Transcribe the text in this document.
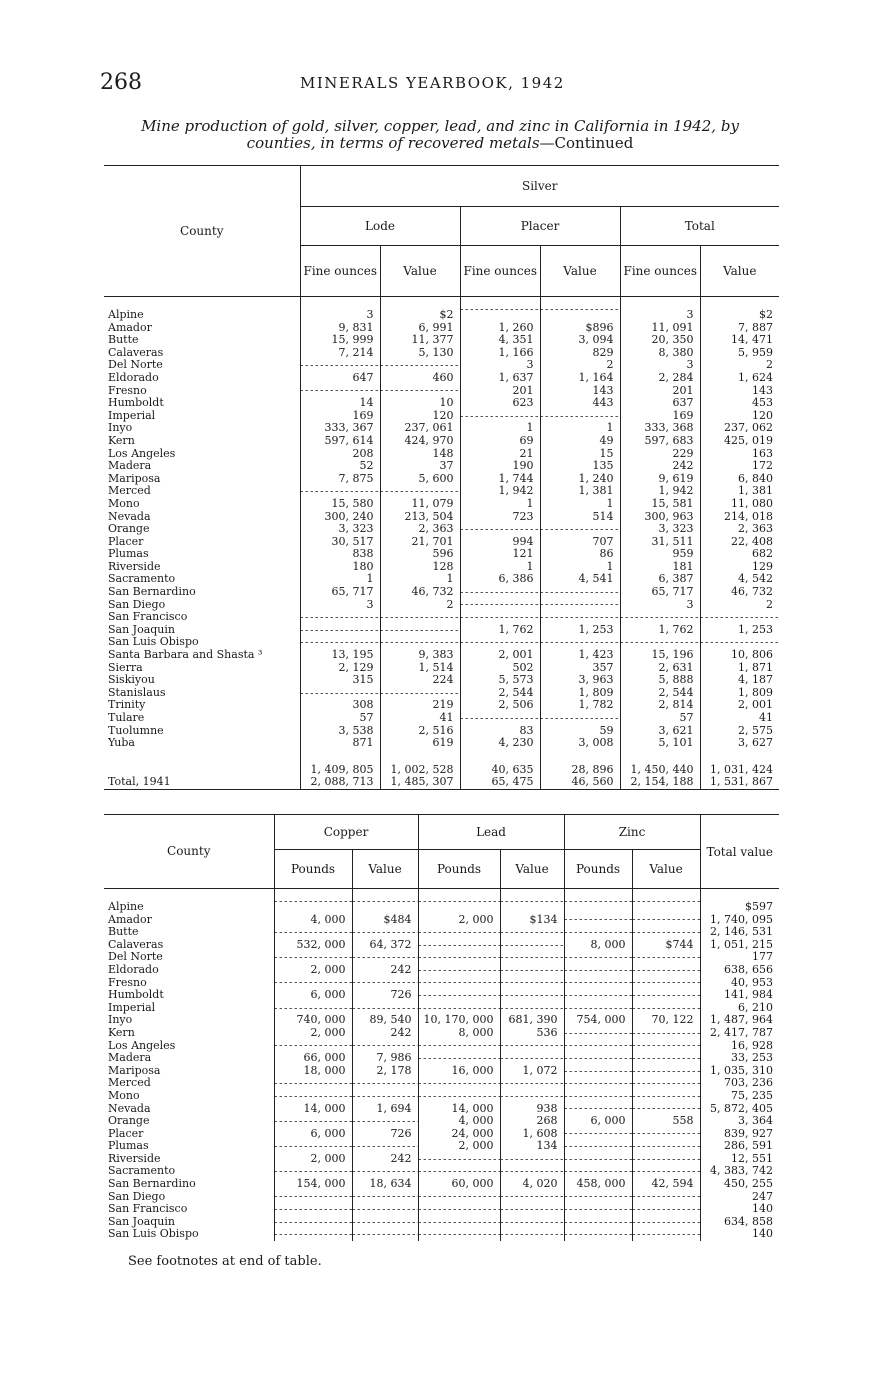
268	MINERALS YEARBOOK, 1942
Mine production of gold, silver, copper, lead, and zinc in California in 1942, by
counties, in terms of recovered metals—Continued
County	Silver					
	Lode		Placer		Total	
	Fine ounces	Value	Fine ounces	Value	Fine ounces	Value
Alpine	3	$2			3	$2
Amador	9, 831	6, 991	1, 260	$896	11, 091	7, 887
Butte	15, 999	11, 377	4, 351	3, 094	20, 350	14, 471
Calaveras	7, 214	5, 130	1, 166	829	8, 380	5, 959
Del Norte			3	2	3	2
Eldorado	647	460	1, 637	1, 164	2, 284	1, 624
Fresno			201	143	201	143
Humboldt	14	10	623	443	637	453
Imperial	169	120			169	120
Inyo	333, 367	237, 061	1	1	333, 368	237, 062
Kern	597, 614	424, 970	69	49	597, 683	425, 019
Los Angeles	208	148	21	15	229	163
Madera	52	37	190	135	242	172
Mariposa	7, 875	5, 600	1, 744	1, 240	9, 619	6, 840
Merced			1, 942	1, 381	1, 942	1, 381
Mono	15, 580	11, 079	1	1	15, 581	11, 080
Nevada	300, 240	213, 504	723	514	300, 963	214, 018
Orange	3, 323	2, 363			3, 323	2, 363
Placer	30, 517	21, 701	994	707	31, 511	22, 408
Plumas	838	596	121	86	959	682
Riverside	180	128	1	1	181	129
Sacramento	1	1	6, 386	4, 541	6, 387	4, 542
San Bernardino	65, 717	46, 732			65, 717	46, 732
San Diego	3	2			3	2
San Francisco						
San Joaquin			1, 762	1, 253	1, 762	1, 253
San Luis Obispo						
Santa Barbara and Shasta ³	13, 195	9, 383	2, 001	1, 423	15, 196	10, 806
Sierra	2, 129	1, 514	502	357	2, 631	1, 871
Siskiyou	315	224	5, 573	3, 963	5, 888	4, 187
Stanislaus			2, 544	1, 809	2, 544	1, 809
Trinity	308	219	2, 506	1, 782	2, 814	2, 001
Tulare	57	41			57	41
Tuolumne	3, 538	2, 516	83	59	3, 621	2, 575
Yuba	871	619	4, 230	3, 008	5, 101	3, 627
	1, 409, 805	1, 002, 528	40, 635	28, 896	1, 450, 440	1, 031, 424
Total, 1941	2, 088, 713	1, 485, 307	65, 475	46, 560	2, 154, 188	1, 531, 867
County	Copper		Lead		Zinc		Total value
	Pounds	Value	Pounds	Value	Pounds	Value	
Alpine							$597
Amador	4, 000	$484	2, 000	$134			1, 740, 095
Butte							2, 146, 531
Calaveras	532, 000	64, 372			8, 000	$744	1, 051, 215
Del Norte							177
Eldorado	2, 000	242					638, 656
Fresno							40, 953
Humboldt	6, 000	726					141, 984
Imperial							6, 210
Inyo	740, 000	89, 540	10, 170, 000	681, 390	754, 000	70, 122	1, 487, 964
Kern	2, 000	242	8, 000	536			2, 417, 787
Los Angeles							16, 928
Madera	66, 000	7, 986					33, 253
Mariposa	18, 000	2, 178	16, 000	1, 072			1, 035, 310
Merced							703, 236
Mono							75, 235
Nevada	14, 000	1, 694	14, 000	938			5, 872, 405
Orange			4, 000	268	6, 000	558	3, 364
Placer	6, 000	726	24, 000	1, 608			839, 927
Plumas			2, 000	134			286, 591
Riverside	2, 000	242					12, 551
Sacramento							4, 383, 742
San Bernardino	154, 000	18, 634	60, 000	4, 020	458, 000	42, 594	450, 255
San Diego							247
San Francisco							140
San Joaquin							634, 858
San Luis Obispo							140
See footnotes at end of table.
